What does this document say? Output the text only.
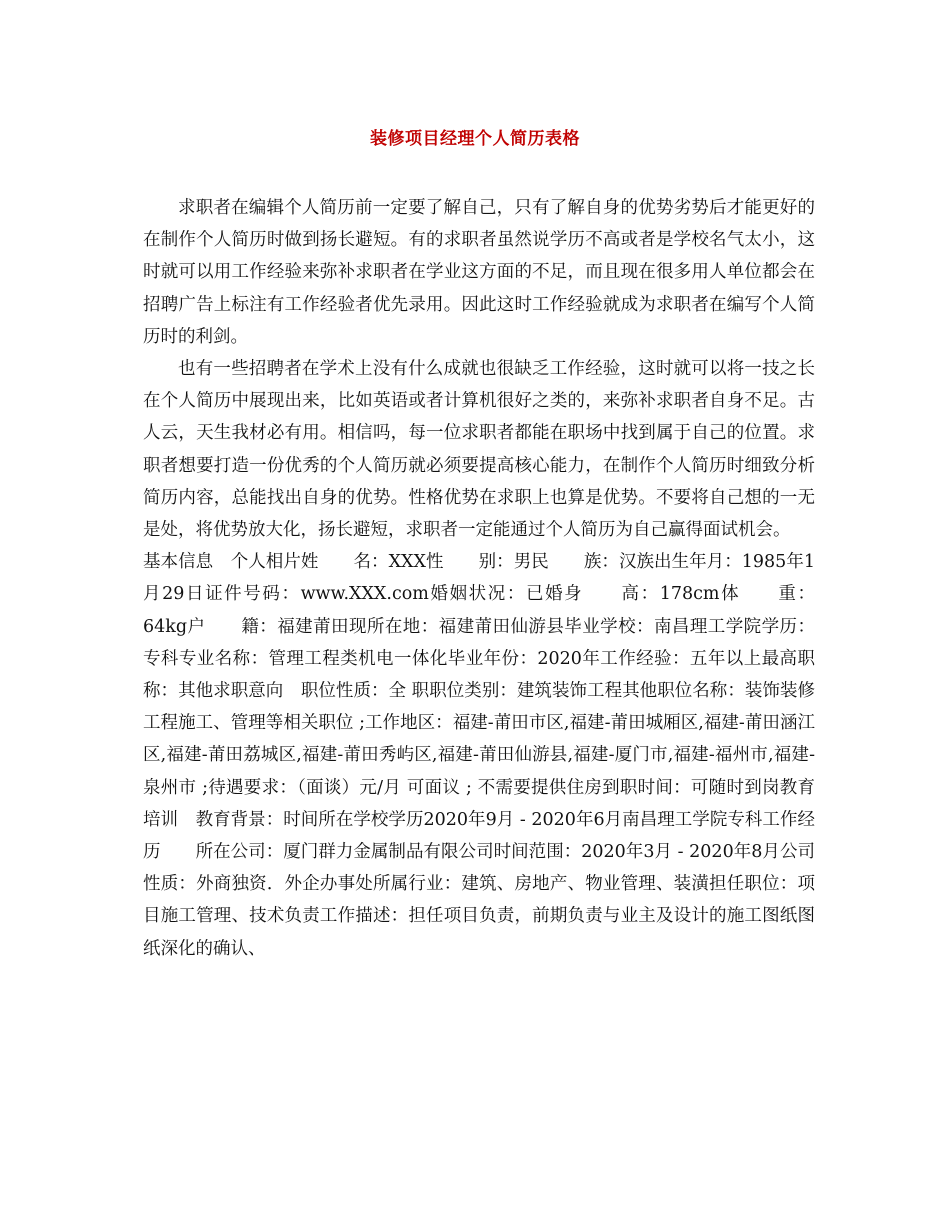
装修项目经理个人简历表格

求职者在编辑个人简历前一定要了解自己，只有了解自身的优势劣势后才能更好的在制作个人简历时做到扬长避短。有的求职者虽然说学历不高或者是学校名气太小，这时就可以用工作经验来弥补求职者在学业这方面的不足，而且现在很多用人单位都会在招聘广告上标注有工作经验者优先录用。因此这时工作经验就成为求职者在编写个人简历时的利剑。

也有一些招聘者在学术上没有什么成就也很缺乏工作经验，这时就可以将一技之长在个人简历中展现出来，比如英语或者计算机很好之类的，来弥补求职者自身不足。古人云，天生我材必有用。相信吗，每一位求职者都能在职场中找到属于自己的位置。求职者想要打造一份优秀的个人简历就必须要提高核心能力，在制作个人简历时细致分析简历内容，总能找出自身的优势。性格优势在求职上也算是优势。不要将自己想的一无是处，将优势放大化，扬长避短，求职者一定能通过个人简历为自己赢得面试机会。

基本信息　个人相片姓　　名：XXX性　　别：男民　　族：汉族出生年月：1985年1月29日证件号码：www.XXX.com婚姻状况：已婚身　　高：178cm体　　重：64kg户　　籍：福建莆田现所在地：福建莆田仙游县毕业学校：南昌理工学院学历：专科专业名称：管理工程类机电一体化毕业年份：2020年工作经验：五年以上最高职称：其他求职意向　职位性质：全 职职位类别：建筑装饰工程其他职位名称：装饰装修工程施工、管理等相关职位 ;工作地区：福建-莆田市区,福建-莆田城厢区,福建-莆田涵江区,福建-莆田荔城区,福建-莆田秀屿区,福建-莆田仙游县,福建-厦门市,福建-福州市,福建-泉州市 ;待遇要求：（面谈）元/月 可面议 ; 不需要提供住房到职时间：可随时到岗教育培训　教育背景：时间所在学校学历2020年9月 - 2020年6月南昌理工学院专科工作经历　　所在公司：厦门群力金属制品有限公司时间范围：2020年3月 - 2020年8月公司性质：外商独资．外企办事处所属行业：建筑、房地产、物业管理、装潢担任职位：项目施工管理、技术负责工作描述：担任项目负责，前期负责与业主及设计的施工图纸图纸深化的确认、
